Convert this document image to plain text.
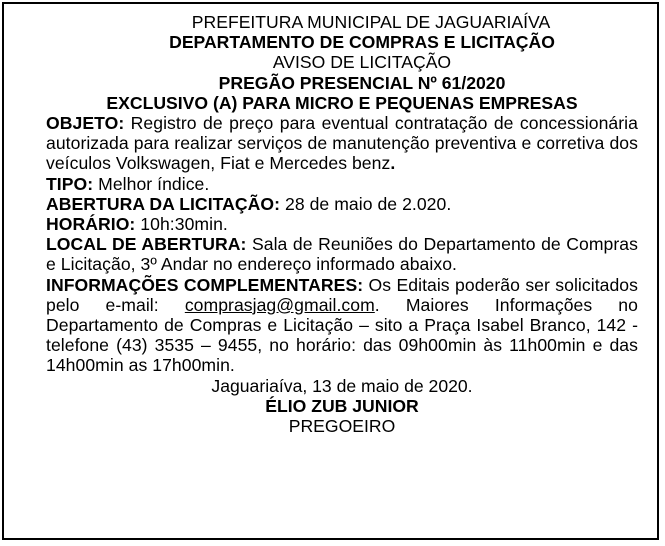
PREFEITURA MUNICIPAL DE JAGUARIAÍVA
DEPARTAMENTO DE COMPRAS E LICITAÇÃO
AVISO DE LICITAÇÃO
PREGÃO PRESENCIAL Nº 61/2020
EXCLUSIVO (A) PARA MICRO E PEQUENAS EMPRESAS
OBJETO: Registro de preço para eventual contratação de concessionária autorizada para realizar serviços de manutenção preventiva e corretiva dos veículos Volkswagen, Fiat e Mercedes benz.
TIPO: Melhor índice.
ABERTURA DA LICITAÇÃO: 28 de maio de 2.020.
HORÁRIO: 10h:30min.
LOCAL DE ABERTURA: Sala de Reuniões do Departamento de Compras e Licitação, 3º Andar no endereço informado abaixo.
INFORMAÇÕES COMPLEMENTARES: Os Editais poderão ser solicitados pelo e-mail: comprasjag@gmail.com. Maiores Informações no Departamento de Compras e Licitação – sito a Praça Isabel Branco, 142 - telefone (43) 3535 – 9455, no horário: das 09h00min às 11h00min e das 14h00min as 17h00min.
Jaguariaíva, 13 de maio de 2020.
ÉLIO ZUB JUNIOR
PREGOEIRO
